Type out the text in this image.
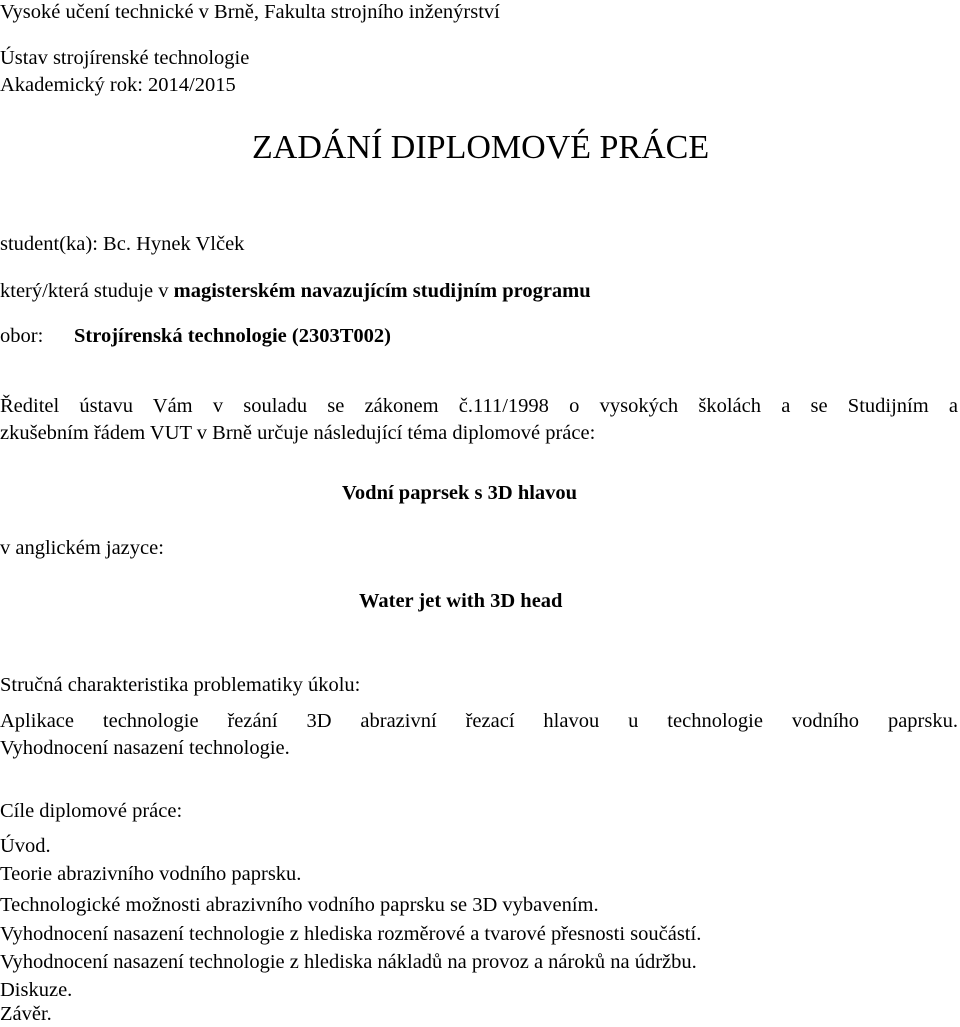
Vysoké učení technické v Brně, Fakulta strojního inženýrství
Ústav strojírenské technologie
Akademický rok: 2014/2015
ZADÁNÍ DIPLOMOVÉ PRÁCE
student(ka): Bc. Hynek Vlček
který/která studuje v magisterském navazujícím studijním programu
obor: Strojírenská technologie (2303T002)
Ředitel ústavu Vám v souladu se zákonem č.111/1998 o vysokých školách a se Studijním a
zkušebním řádem VUT v Brně určuje následující téma diplomové práce:
Vodní paprsek s 3D hlavou
v anglickém jazyce:
Water jet with 3D head
Stručná charakteristika problematiky úkolu:
Aplikace technologie řezání 3D abrazivní řezací hlavou u technologie vodního paprsku.
Vyhodnocení nasazení technologie.
Cíle diplomové práce:
Úvod.
Teorie abrazivního vodního paprsku.
Technologické možnosti abrazivního vodního paprsku se 3D vybavením.
Vyhodnocení nasazení technologie z hlediska rozměrové a tvarové přesnosti součástí.
Vyhodnocení nasazení technologie z hlediska nákladů na provoz a nároků na údržbu.
Diskuze.
Závěr.
